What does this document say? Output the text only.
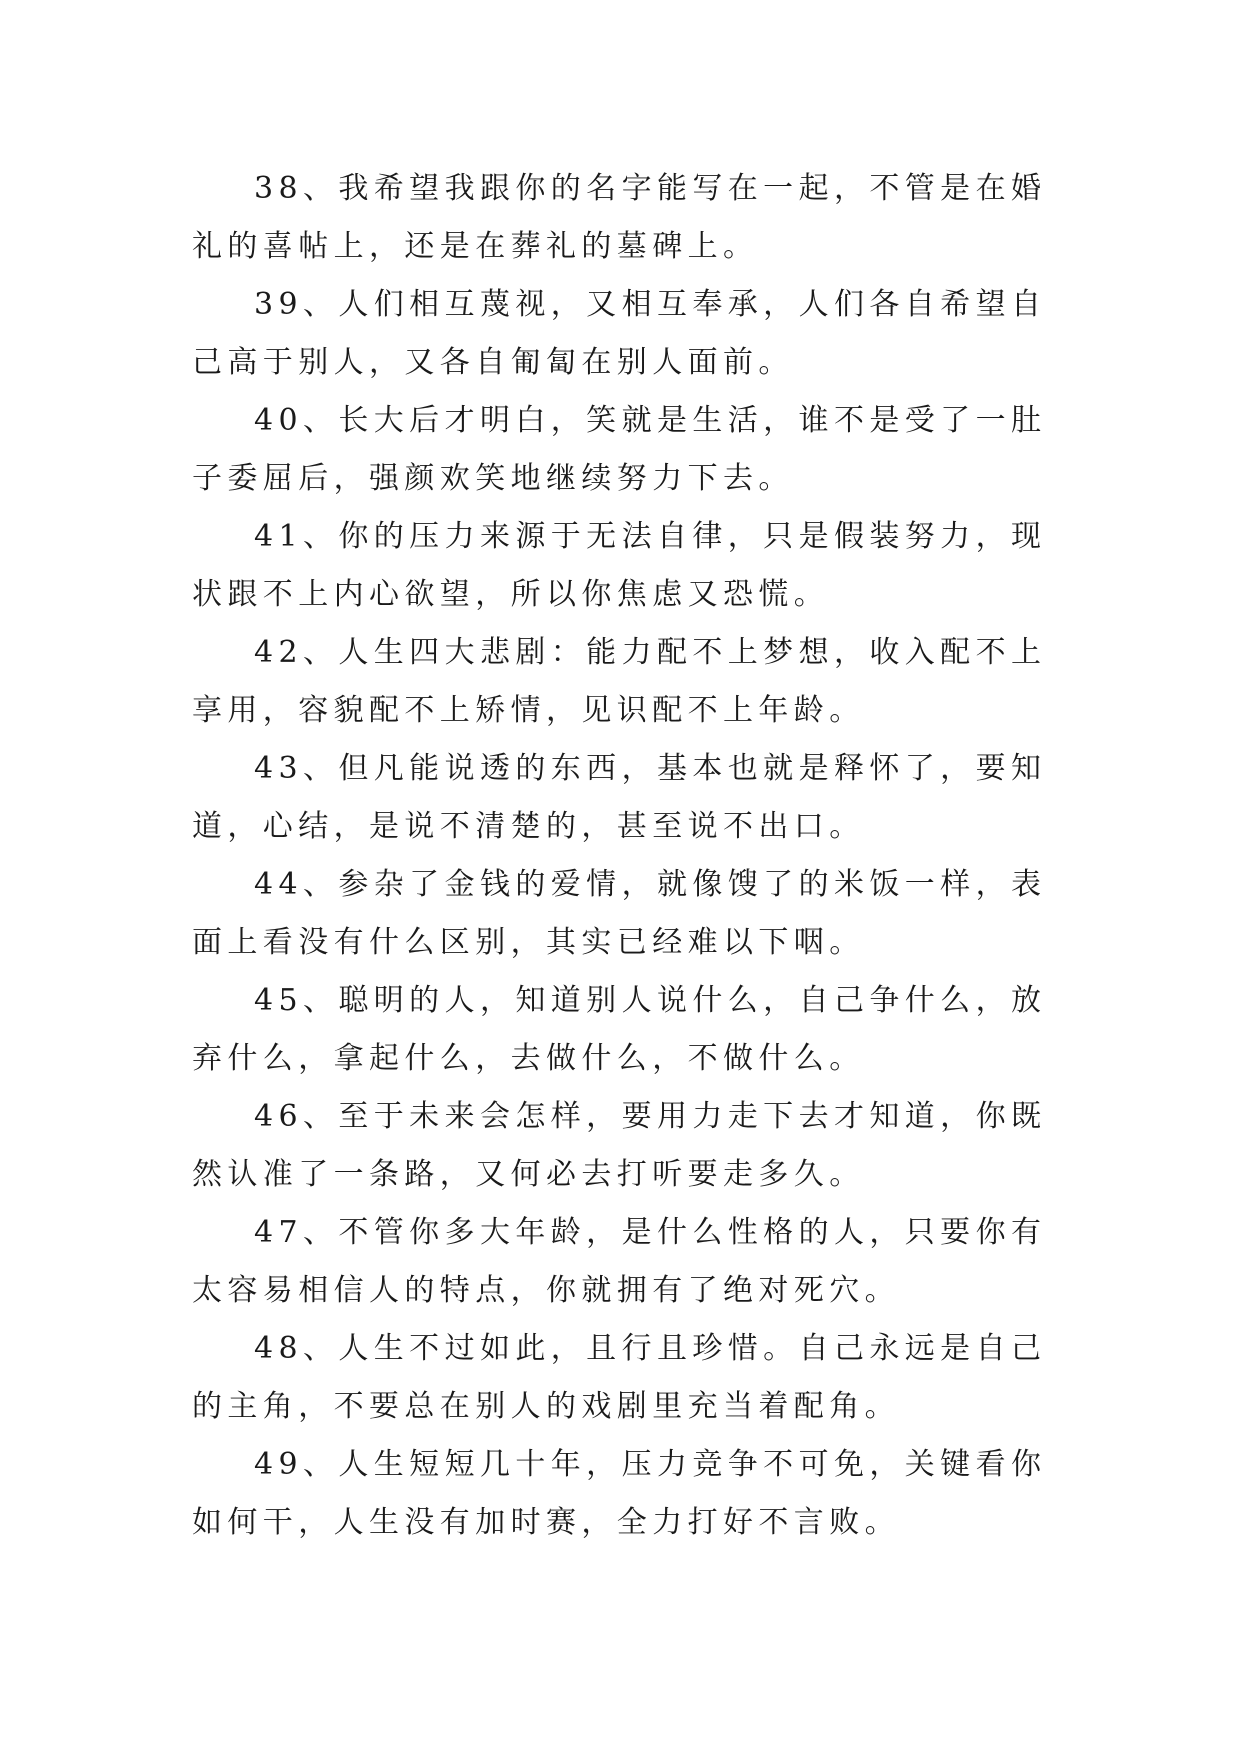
38、我希望我跟你的名字能写在一起，不管是在婚礼的喜帖上，还是在葬礼的墓碑上。

39、人们相互蔑视，又相互奉承，人们各自希望自己高于别人，又各自匍匐在别人面前。

40、长大后才明白，笑就是生活，谁不是受了一肚子委屈后，强颜欢笑地继续努力下去。

41、你的压力来源于无法自律，只是假装努力，现状跟不上内心欲望，所以你焦虑又恐慌。

42、人生四大悲剧：能力配不上梦想，收入配不上享用，容貌配不上矫情，见识配不上年龄。

43、但凡能说透的东西，基本也就是释怀了，要知道，心结，是说不清楚的，甚至说不出口。

44、参杂了金钱的爱情，就像馊了的米饭一样，表面上看没有什么区别，其实已经难以下咽。

45、聪明的人，知道别人说什么，自己争什么，放弃什么，拿起什么，去做什么，不做什么。

46、至于未来会怎样，要用力走下去才知道，你既然认准了一条路，又何必去打听要走多久。

47、不管你多大年龄，是什么性格的人，只要你有太容易相信人的特点，你就拥有了绝对死穴。

48、人生不过如此，且行且珍惜。自己永远是自己的主角，不要总在别人的戏剧里充当着配角。

49、人生短短几十年，压力竞争不可免，关键看你如何干，人生没有加时赛，全力打好不言败。
